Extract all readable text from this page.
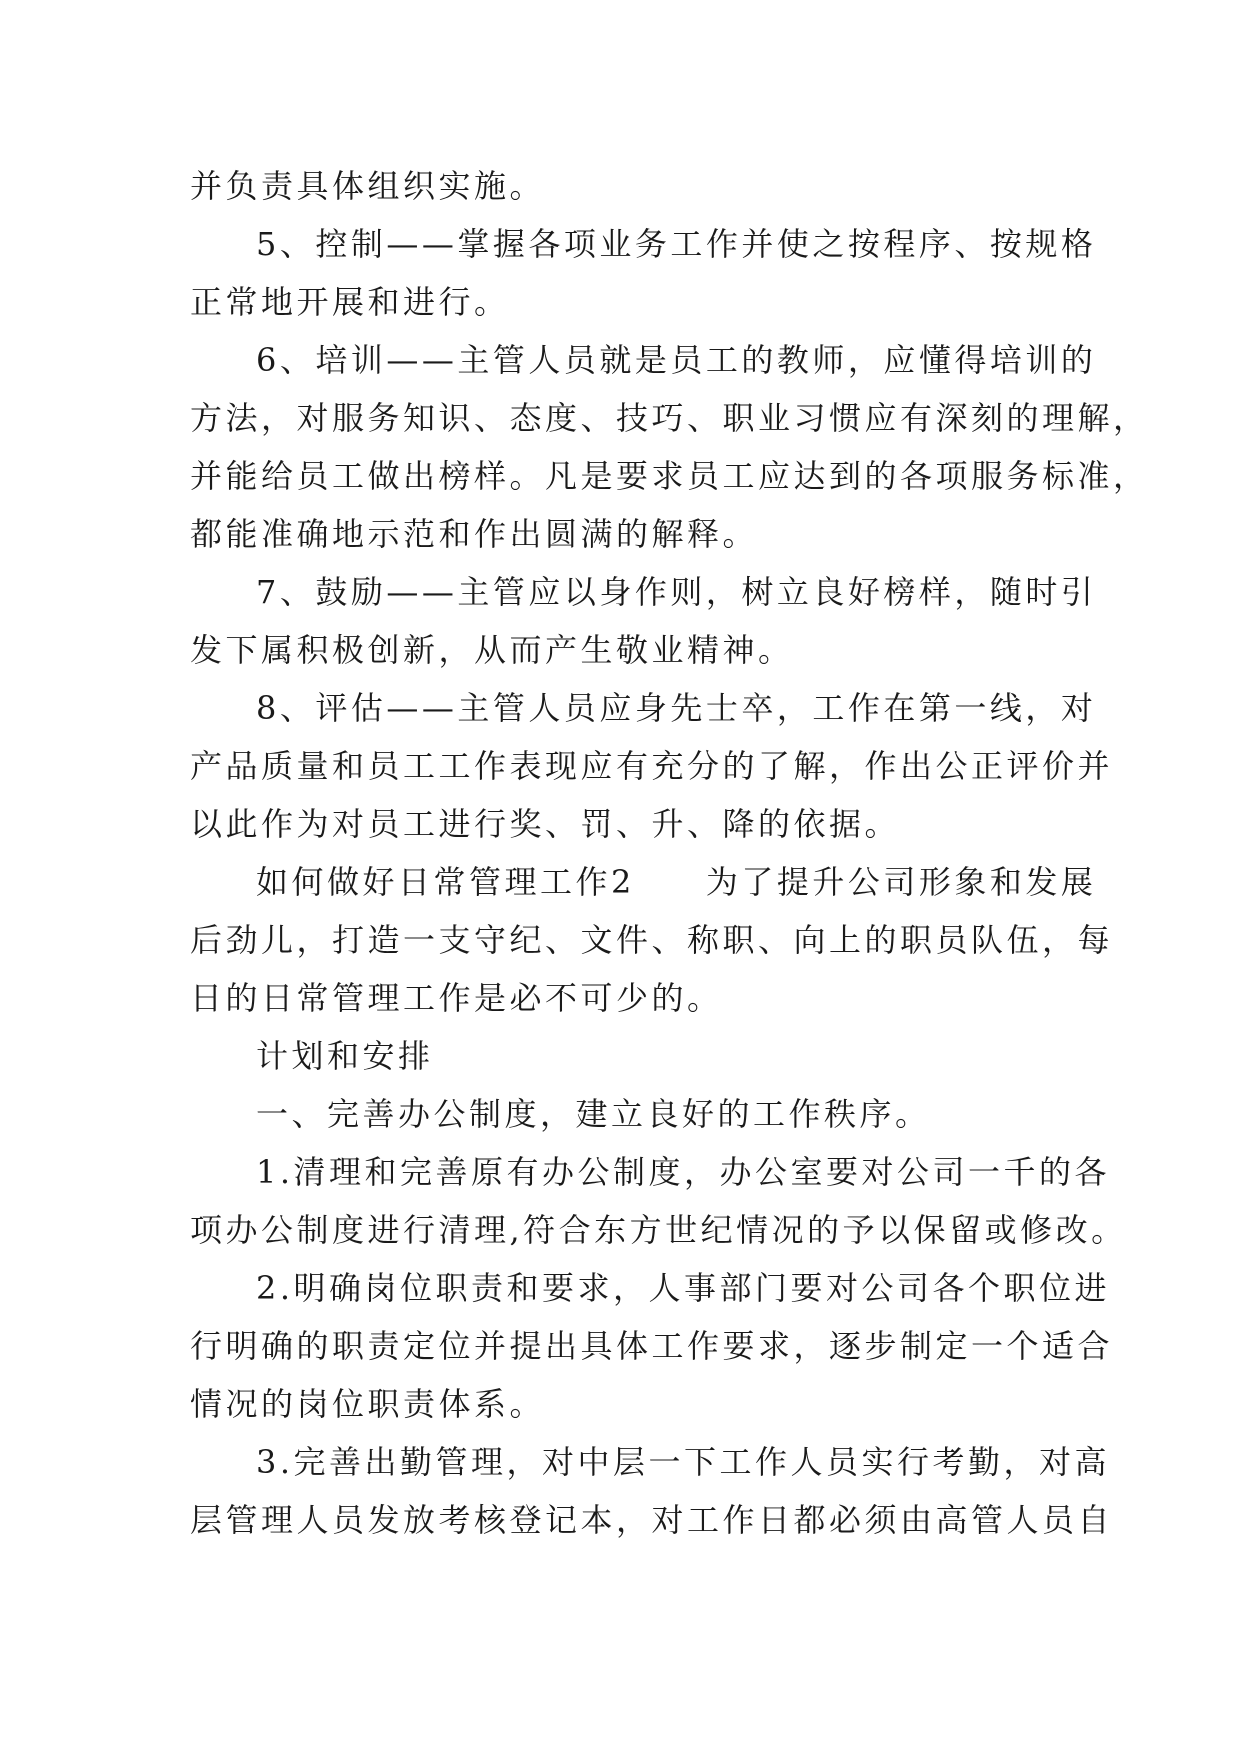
并负责具体组织实施。
5、控制——掌握各项业务工作并使之按程序、按规格
正常地开展和进行。
6、培训——主管人员就是员工的教师，应懂得培训的
方法，对服务知识、态度、技巧、职业习惯应有深刻的理解，
并能给员工做出榜样。凡是要求员工应达到的各项服务标准，
都能准确地示范和作出圆满的解释。
7、鼓励——主管应以身作则，树立良好榜样，随时引
发下属积极创新，从而产生敬业精神。
8、评估——主管人员应身先士卒，工作在第一线，对
产品质量和员工工作表现应有充分的了解，作出公正评价并
以此作为对员工进行奖、罚、升、降的依据。
如何做好日常管理工作2　　为了提升公司形象和发展
后劲儿，打造一支守纪、文件、称职、向上的职员队伍，每
日的日常管理工作是必不可少的。
计划和安排
一、完善办公制度，建立良好的工作秩序。
1.清理和完善原有办公制度，办公室要对公司一千的各
项办公制度进行清理,符合东方世纪情况的予以保留或修改。
2.明确岗位职责和要求，人事部门要对公司各个职位进
行明确的职责定位并提出具体工作要求，逐步制定一个适合
情况的岗位职责体系。
3.完善出勤管理，对中层一下工作人员实行考勤，对高
层管理人员发放考核登记本，对工作日都必须由高管人员自
